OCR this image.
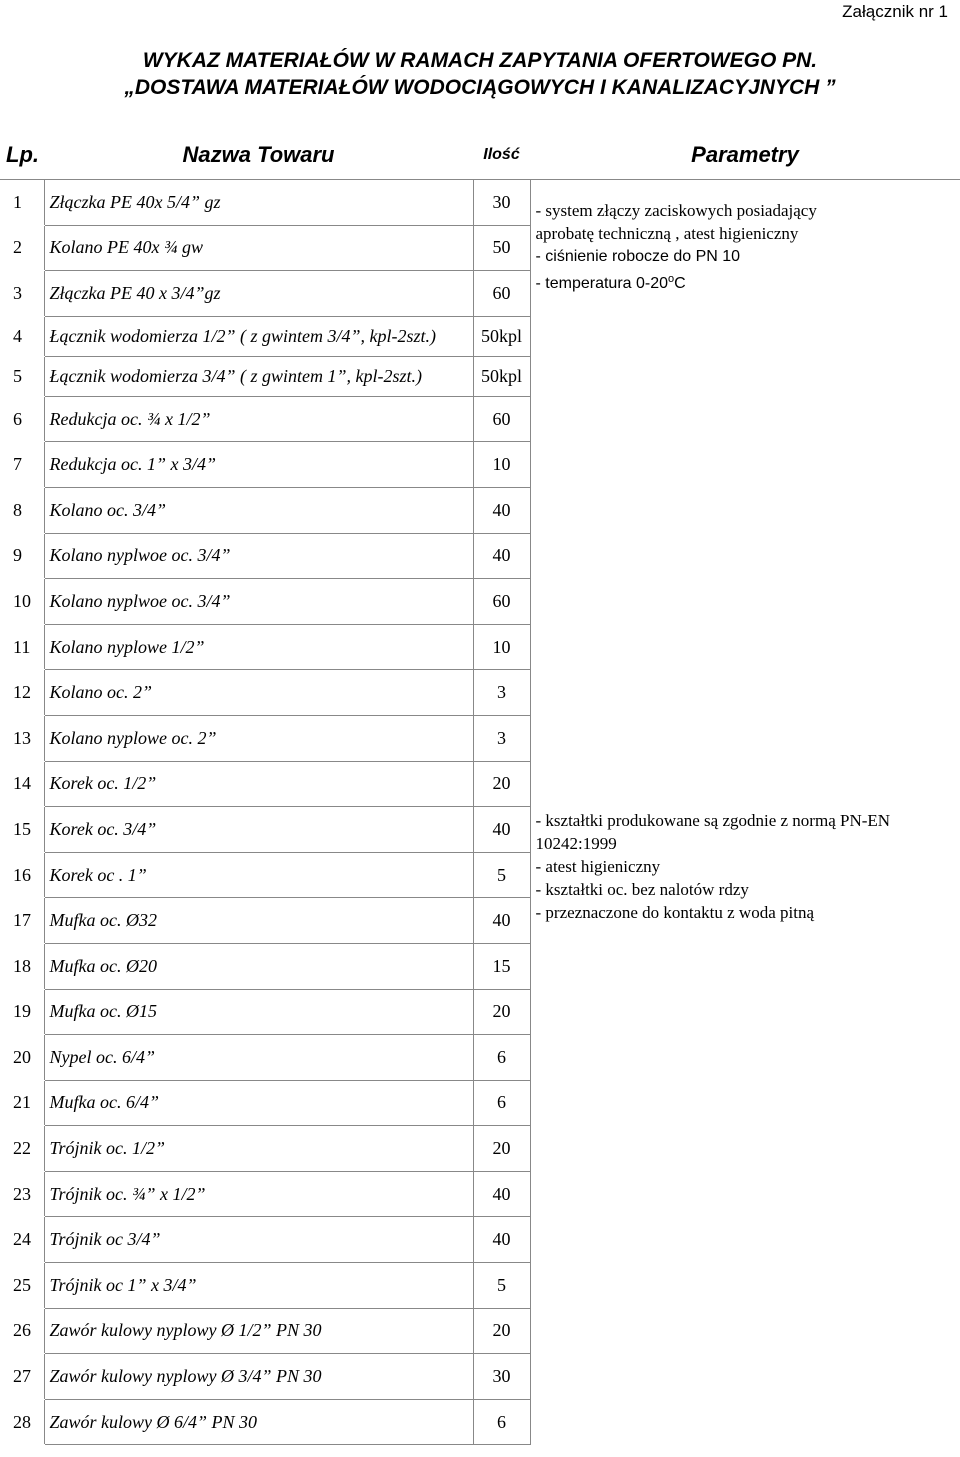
Załącznik nr 1
WYKAZ MATERIAŁÓW W RAMACH ZAPYTANIA OFERTOWEGO PN.
„DOSTAWA MATERIAŁÓW WODOCIĄGOWYCH I KANALIZACYJNYCH ”
Lp.	Nazwa Towaru	Ilość	Parametry
1	Złączka PE 40x 5/4” gz	30	- system złączy zaciskowych posiadający
aprobatę techniczną , atest higieniczny
- ciśnienie robocze do PN 10
- temperatura 0-20$^o$C

2	Kolano PE 40x ¾ gw	50	
3	Złączka PE 40 x 3/4”gz	60	
4	Łącznik wodomierza 1/2” ( z gwintem 3/4”, kpl-2szt.)	50kpl	
5	Łącznik wodomierza 3/4” ( z gwintem 1”, kpl-2szt.)	50kpl	
6	Redukcja oc. ¾ x 1/2”	60	
7	Redukcja oc. 1” x 3/4”	10	
8	Kolano oc. 3/4”	40	
9	Kolano nyplwoe oc. 3/4”	40	
10	Kolano nyplwoe oc. 3/4”	60	
11	Kolano nyplowe 1/2”	10	
12	Kolano oc. 2”	3	
13	Kolano nyplowe oc. 2”	3	
14	Korek oc. 1/2”	20	- kształtki produkowane są zgodnie z normą PN-EN
10242:1999
- atest higieniczny
- kształtki oc. bez nalotów rdzy
- przeznaczone do kontaktu z woda pitną

15	Korek oc. 3/4”	40	
16	Korek oc . 1”	5	
17	Mufka oc. Ø32	40	
18	Mufka oc. Ø20	15	
19	Mufka oc. Ø15	20	
20	Nypel oc. 6/4”	6	
21	Mufka oc. 6/4”	6	
22	Trójnik oc. 1/2”	20	
23	Trójnik oc. ¾” x 1/2”	40	
24	Trójnik oc 3/4”	40	
25	Trójnik oc 1” x 3/4”	5	
26	Zawór kulowy nyplowy Ø 1/2” PN 30	20	
27	Zawór kulowy nyplowy Ø 3/4” PN 30	30	
28	Zawór kulowy Ø 6/4” PN 30	6	
